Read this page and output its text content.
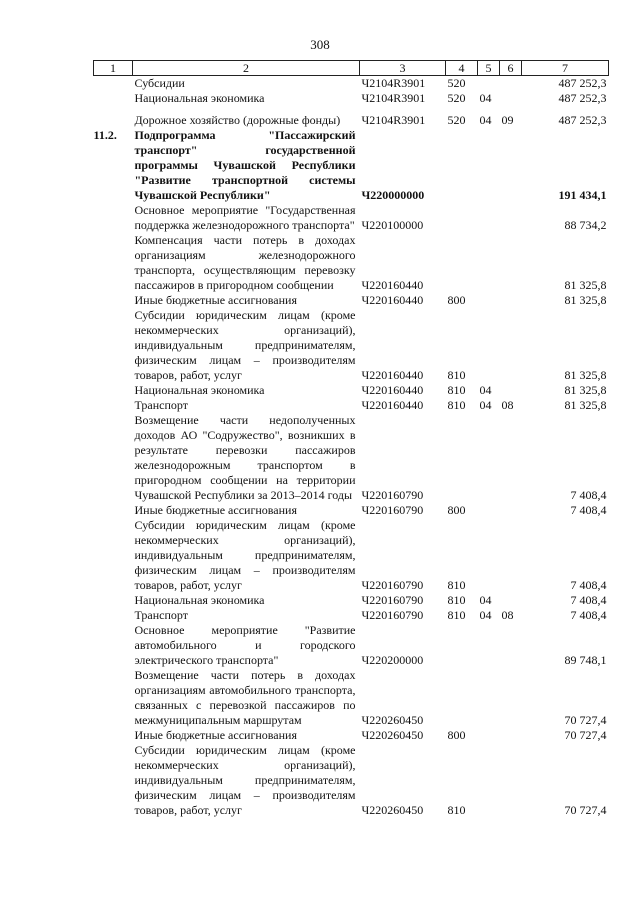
308
1	2	3	4	5	6	7
	Субсидии	Ч2104R3901	520			487 252,3
	Национальная экономика	Ч2104R3901	520	04		487 252,3
	Дорожное хозяйство (дорожные фонды)	Ч2104R3901	520	04	09	487 252,3
11.2.	Подпрограмма "Пассажирский транспорт" государственной программы Чувашской Республики "Развитие транспортной системы Чувашской Республики"	Ч220000000				191 434,1
	Основное мероприятие "Государственная поддержка железнодорожного транспорта"	Ч220100000				88 734,2
	Компенсация части потерь в доходах организациям железнодорожного транспорта, осуществляющим перевозку пассажиров в пригородном сообщении	Ч220160440				81 325,8
	Иные бюджетные ассигнования	Ч220160440	800			81 325,8
	Субсидии юридическим лицам (кроме некоммерческих организаций), индивидуальным предпринимателям, физическим лицам – производителям товаров, работ, услуг	Ч220160440	810			81 325,8
	Национальная экономика	Ч220160440	810	04		81 325,8
	Транспорт	Ч220160440	810	04	08	81 325,8
	Возмещение части недополученных доходов АО "Содружество", возникших в результате перевозки пассажиров железнодорожным транспортом в пригородном сообщении на территории Чувашской Республики за 2013–2014 годы	Ч220160790				7 408,4
	Иные бюджетные ассигнования	Ч220160790	800			7 408,4
	Субсидии юридическим лицам (кроме некоммерческих организаций), индивидуальным предпринимателям, физическим лицам – производителям товаров, работ, услуг	Ч220160790	810			7 408,4
	Национальная экономика	Ч220160790	810	04		7 408,4
	Транспорт	Ч220160790	810	04	08	7 408,4
	Основное мероприятие "Развитие автомобильного и городского электрического транспорта"	Ч220200000				89 748,1
	Возмещение части потерь в доходах организациям автомобильного транспорта, связанных с перевозкой пассажиров по межмуниципальным маршрутам	Ч220260450				70 727,4
	Иные бюджетные ассигнования	Ч220260450	800			70 727,4
	Субсидии юридическим лицам (кроме некоммерческих организаций), индивидуальным предпринимателям, физическим лицам – производителям товаров, работ, услуг	Ч220260450	810			70 727,4
